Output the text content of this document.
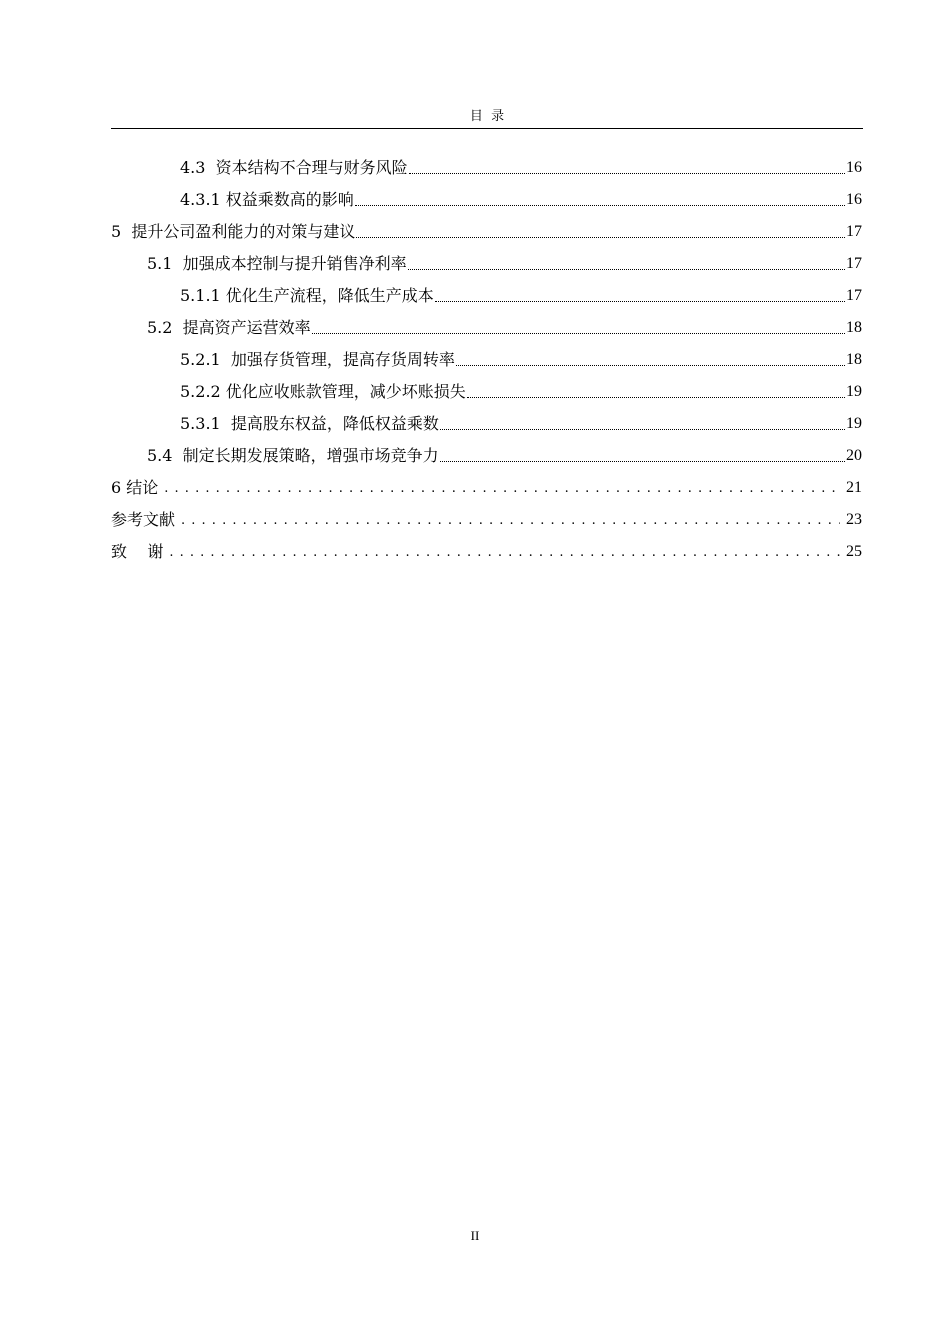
目  录
4.3  资本结构不合理与财务风险	16
4.3.1 权益乘数高的影响	16
5  提升公司盈利能力的对策与建议	17
5.1  加强成本控制与提升销售净利率	17
5.1.1 优化生产流程，降低生产成本	17
5.2  提高资产运营效率	18
5.2.1  加强存货管理，提高存货周转率	18
5.2.2 优化应收账款管理，减少坏账损失	19
5.3.1  提高股东权益，降低权益乘数	19
5.4  制定长期发展策略，增强市场竞争力	20
6 结论 . . .	21
参考文献 . . .	23
致    谢 . . .	25
II
